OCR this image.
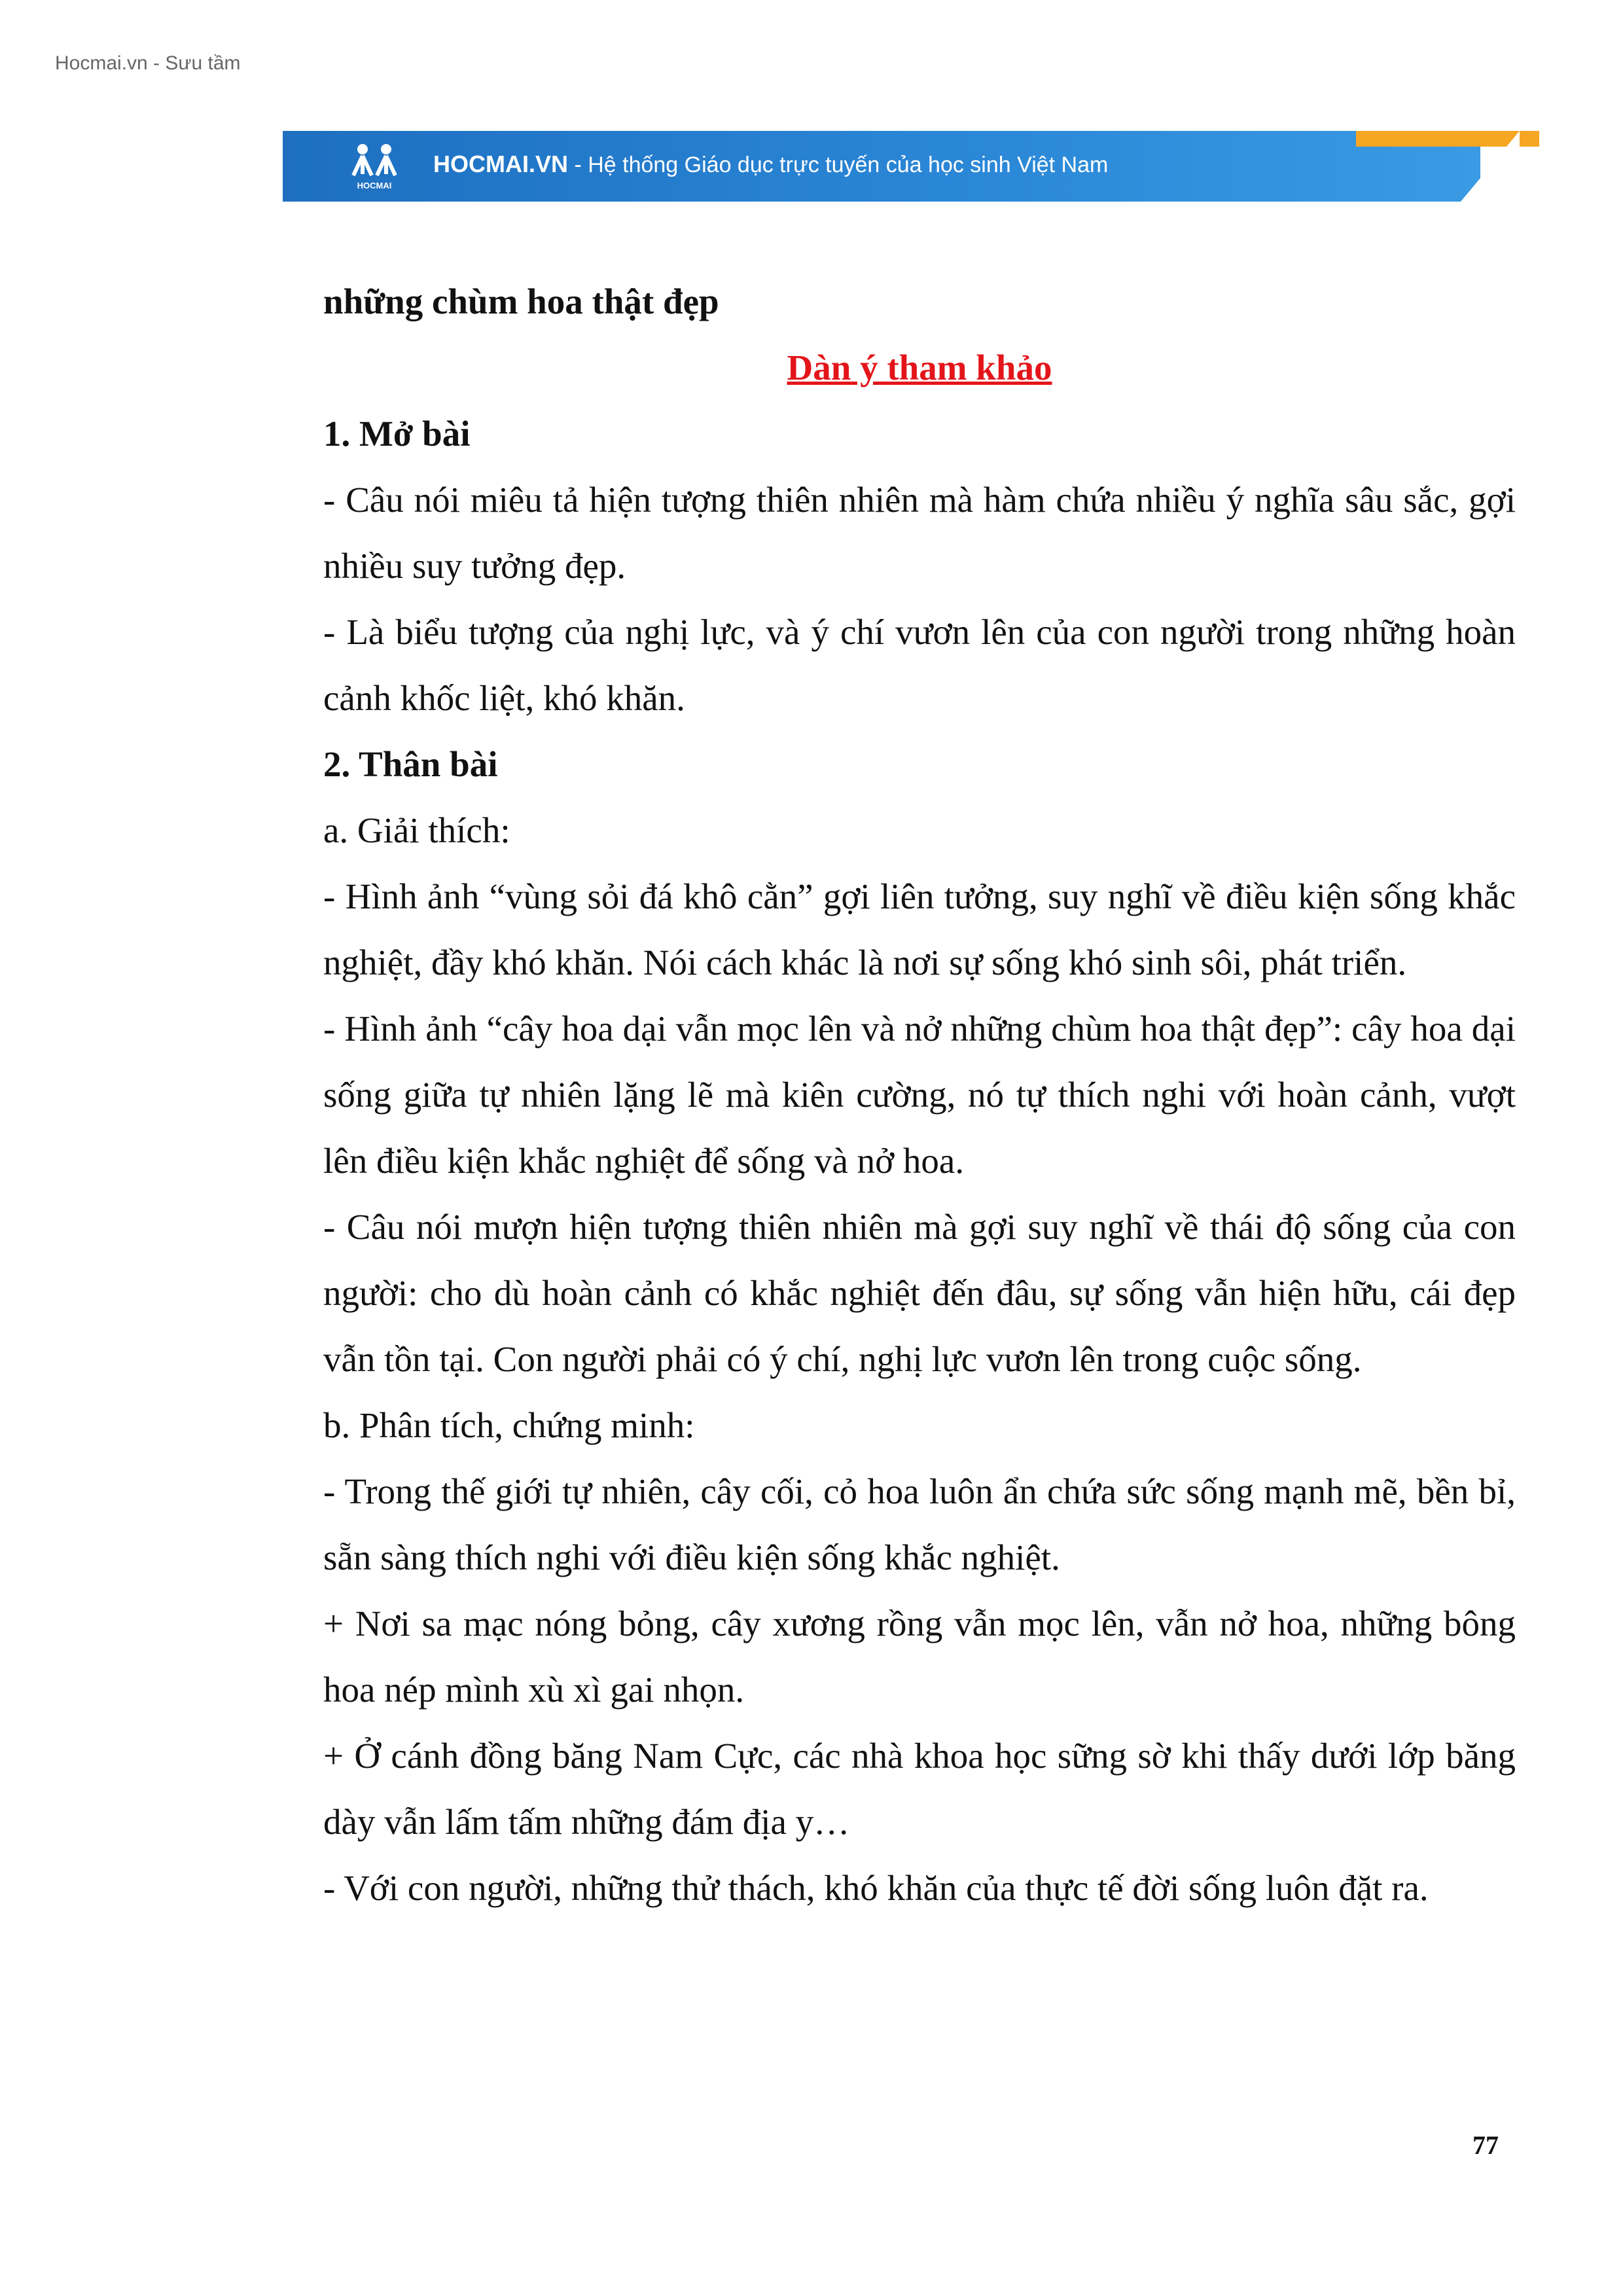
Hocmai.vn - Sưu tầm
HOCMAI
HOCMAI.VN - Hệ thống Giáo dục trực tuyến của học sinh Việt Nam

những chùm hoa thật đẹp

Dàn ý tham khảo

1. Mở bài

- Câu nói miêu tả hiện tượng thiên nhiên mà hàm chứa nhiều ý nghĩa sâu sắc, gợi nhiều suy tưởng đẹp.

- Là biểu tượng của nghị lực, và ý chí vươn lên của con người trong những hoàn cảnh khốc liệt, khó khăn.

2. Thân bài

a. Giải thích:

- Hình ảnh “vùng sỏi đá khô cằn” gợi liên tưởng, suy nghĩ về điều kiện sống khắc nghiệt, đầy khó khăn. Nói cách khác là nơi sự sống khó sinh sôi, phát triển.

- Hình ảnh “cây hoa dại vẫn mọc lên và nở những chùm hoa thật đẹp”: cây hoa dại sống giữa tự nhiên lặng lẽ mà kiên cường, nó tự thích nghi với hoàn cảnh, vượt lên điều kiện khắc nghiệt để sống và nở hoa.

- Câu nói mượn hiện tượng thiên nhiên mà gợi suy nghĩ về thái độ sống của con người: cho dù hoàn cảnh có khắc nghiệt đến đâu, sự sống vẫn hiện hữu, cái đẹp vẫn tồn tại. Con người phải có ý chí, nghị lực vươn lên trong cuộc sống.

b. Phân tích, chứng minh:

- Trong thế giới tự nhiên, cây cối, cỏ hoa luôn ẩn chứa sức sống mạnh mẽ, bền bỉ, sẵn sàng thích nghi với điều kiện sống khắc nghiệt.

+ Nơi sa mạc nóng bỏng, cây xương rồng vẫn mọc lên, vẫn nở hoa, những bông hoa nép mình xù xì gai nhọn.

+ Ở cánh đồng băng Nam Cực, các nhà khoa học sững sờ khi thấy dưới lớp băng dày vẫn lấm tấm những đám địa y…

- Với con người, những thử thách, khó khăn của thực tế đời sống luôn đặt ra.

77
